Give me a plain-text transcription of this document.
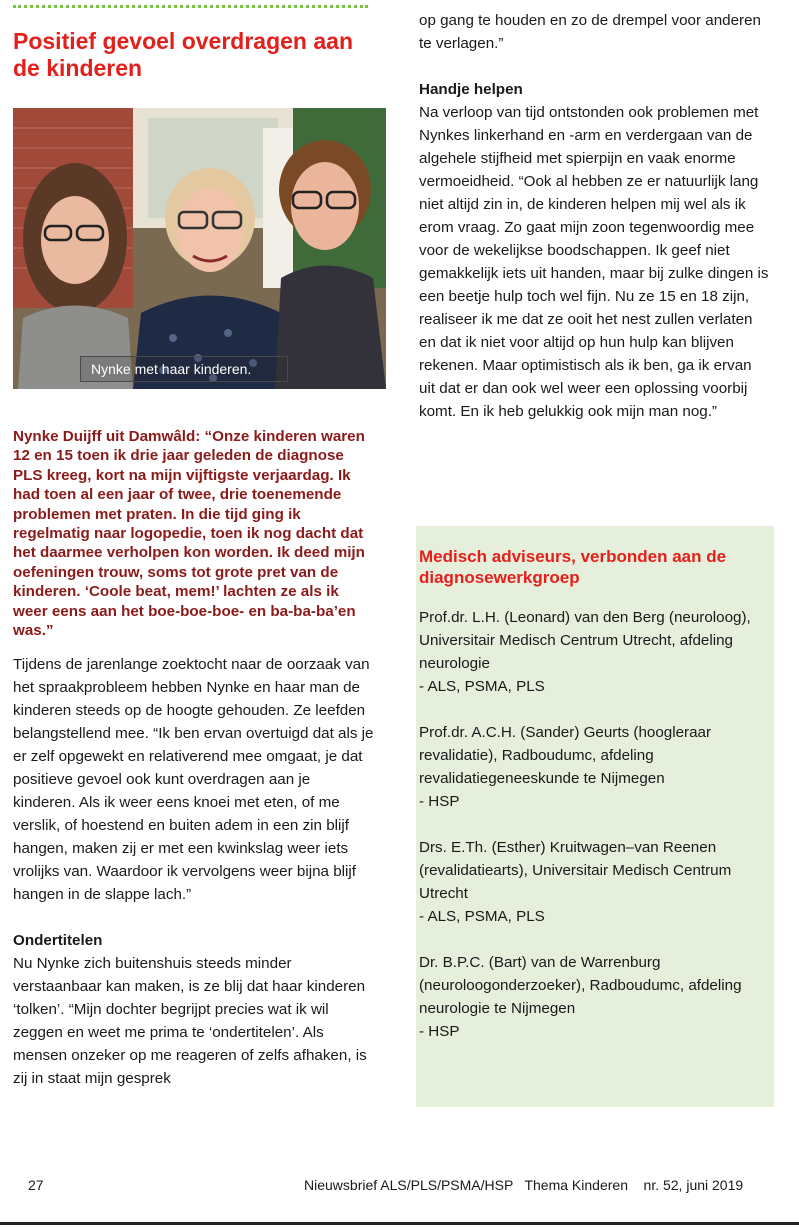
Positief gevoel overdragen aan de kinderen
Nynke met haar kinderen.

Nynke Duijff uit Damwâld: “Onze kinderen waren 12 en 15 toen ik drie jaar geleden de diagnose PLS kreeg, kort na mijn vijftigste verjaardag. Ik had toen al een jaar of twee, drie toenemende problemen met praten. In die tijd ging ik regelmatig naar logopedie, toen ik nog dacht dat het daarmee verholpen kon worden. Ik deed mijn oefeningen trouw, soms tot grote pret van de kinderen. ‘Coole beat, mem!’ lachten ze als ik weer eens aan het boe-boe-boe- en ba-ba-ba’en was.”

Tijdens de jarenlange zoektocht naar de oorzaak van het spraakprobleem hebben Nynke en haar man de kinderen steeds op de hoogte gehouden. Ze leefden belangstellend mee. “Ik ben ervan overtuigd dat als je er zelf opgewekt en relativerend mee omgaat, je dat positieve gevoel ook kunt overdragen aan je kinderen. Als ik weer eens knoei met eten, of me verslik, of hoestend en buiten adem in een zin blijf hangen, maken zij er met een kwinkslag weer iets vrolijks van. Waardoor ik vervolgens weer bijna blijf hangen in de slappe lach.”

Ondertitelen

Nu Nynke zich buitenshuis steeds minder verstaanbaar kan maken, is ze blij dat haar kinderen ‘tolken’. “Mijn dochter begrijpt precies wat ik wil zeggen en weet me prima te ‘ondertitelen’. Als mensen onzeker op me reageren of zelfs afhaken, is zij in staat mijn gesprek

op gang te houden en zo de drempel voor anderen te verlagen.”

Handje helpen

Na verloop van tijd ontstonden ook problemen met Nynkes linkerhand en -arm en verdergaan van de algehele stijfheid met spierpijn en vaak enorme vermoeidheid. “Ook al hebben ze er natuurlijk lang niet altijd zin in, de kinderen helpen mij wel als ik erom vraag. Zo gaat mijn zoon tegenwoordig mee voor de wekelijkse boodschappen. Ik geef niet gemakkelijk iets uit handen, maar bij zulke dingen is een beetje hulp toch wel fijn. Nu ze 15 en 18 zijn, realiseer ik me dat ze ooit het nest zullen verlaten en dat ik niet voor altijd op hun hulp kan blijven rekenen. Maar optimistisch als ik ben, ga ik ervan uit dat er dan ook wel weer een oplossing voorbij komt. En ik heb gelukkig ook mijn man nog.”

Medisch adviseurs, verbonden aan de diagnosewerkgroep

Prof.dr. L.H. (Leonard) van den Berg (neuroloog),
Universitair Medisch Centrum Utrecht, afdeling neurologie
- ALS, PSMA, PLS
Prof.dr. A.C.H. (Sander) Geurts (hoogleraar revalidatie), Radboudumc, afdeling revalidatiegeneeskunde te Nijmegen
- HSP
Drs. E.Th. (Esther) Kruitwagen–van Reenen (revalidatiearts), Universitair Medisch Centrum Utrecht
- ALS, PSMA, PLS
Dr. B.P.C. (Bart) van de Warrenburg (neuroloogonderzoeker), Radboudumc, afdeling neurologie te Nijmegen
- HSP
27	Nieuwsbrief ALS/PLS/PSMA/HSP   Thema Kinderen    nr. 52, juni 2019
